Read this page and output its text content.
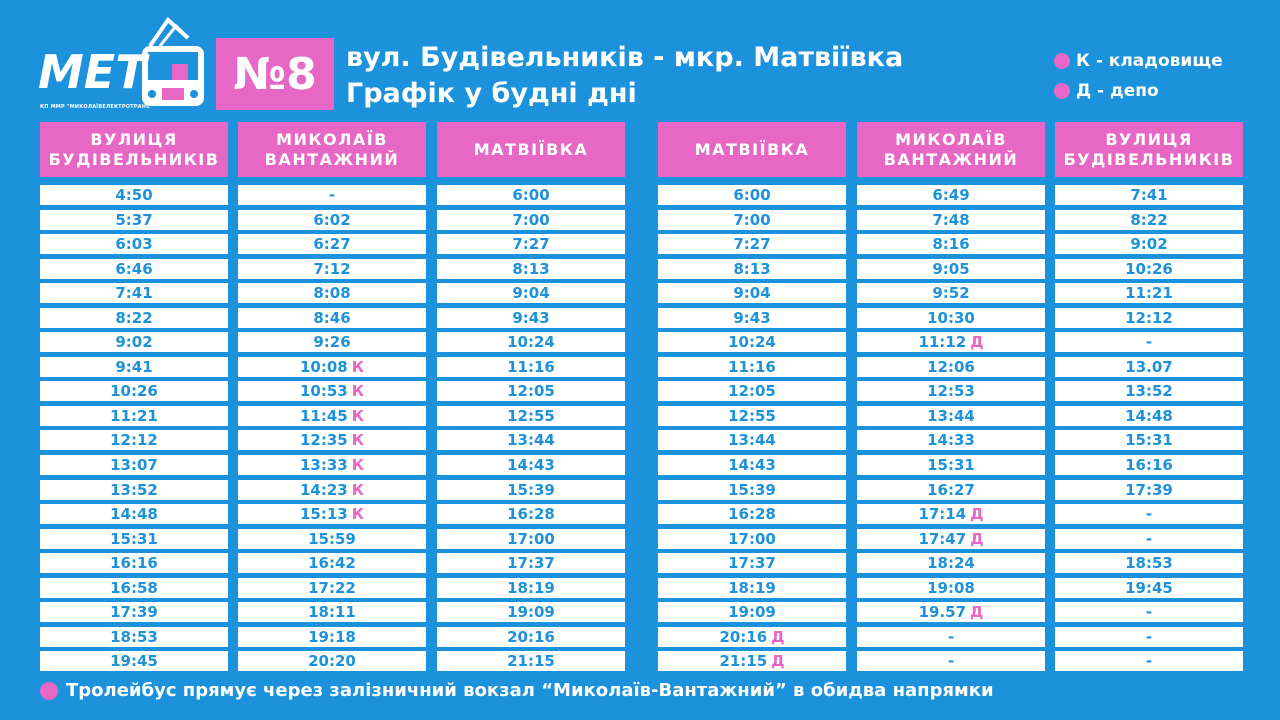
МЕТ
КП ММР "МИКОЛАЇВЕЛЕКТРОТРАНС"
№8	вул. Будівельників - мкр. Матвіївка
Графік у будні дні
К - кладовище
Д - депо
ВУЛИЦЯ
БУДІВЕЛЬНИКІВ
4:50
5:37
6:03
6:46
7:41
8:22
9:02
9:41
10:26
11:21
12:12
13:07
13:52
14:48
15:31
16:16
16:58
17:39
18:53
19:45
МИКОЛАЇВ
ВАНТАЖНИЙ
-
6:02
6:27
7:12
8:08
8:46
9:26
10:08 К
10:53 К
11:45 К
12:35 К
13:33 К
14:23 К
15:13 К
15:59
16:42
17:22
18:11
19:18
20:20
МАТВІЇВКА
6:00
7:00
7:27
8:13
9:04
9:43
10:24
11:16
12:05
12:55
13:44
14:43
15:39
16:28
17:00
17:37
18:19
19:09
20:16
21:15
МАТВІЇВКА
6:00
7:00
7:27
8:13
9:04
9:43
10:24
11:16
12:05
12:55
13:44
14:43
15:39
16:28
17:00
17:37
18:19
19:09
20:16 Д
21:15 Д
МИКОЛАЇВ
ВАНТАЖНИЙ
6:49
7:48
8:16
9:05
9:52
10:30
11:12 Д
12:06
12:53
13:44
14:33
15:31
16:27
17:14 Д
17:47 Д
18:24
19:08
19.57 Д
-
-
ВУЛИЦЯ
БУДІВЕЛЬНИКІВ
7:41
8:22
9:02
10:26
11:21
12:12
-
13.07
13:52
14:48
15:31
16:16
17:39
-
-
18:53
19:45
-
-
-
Тролейбус прямує через залізничний вокзал “Миколаїв-Вантажний” в обидва напрямки
